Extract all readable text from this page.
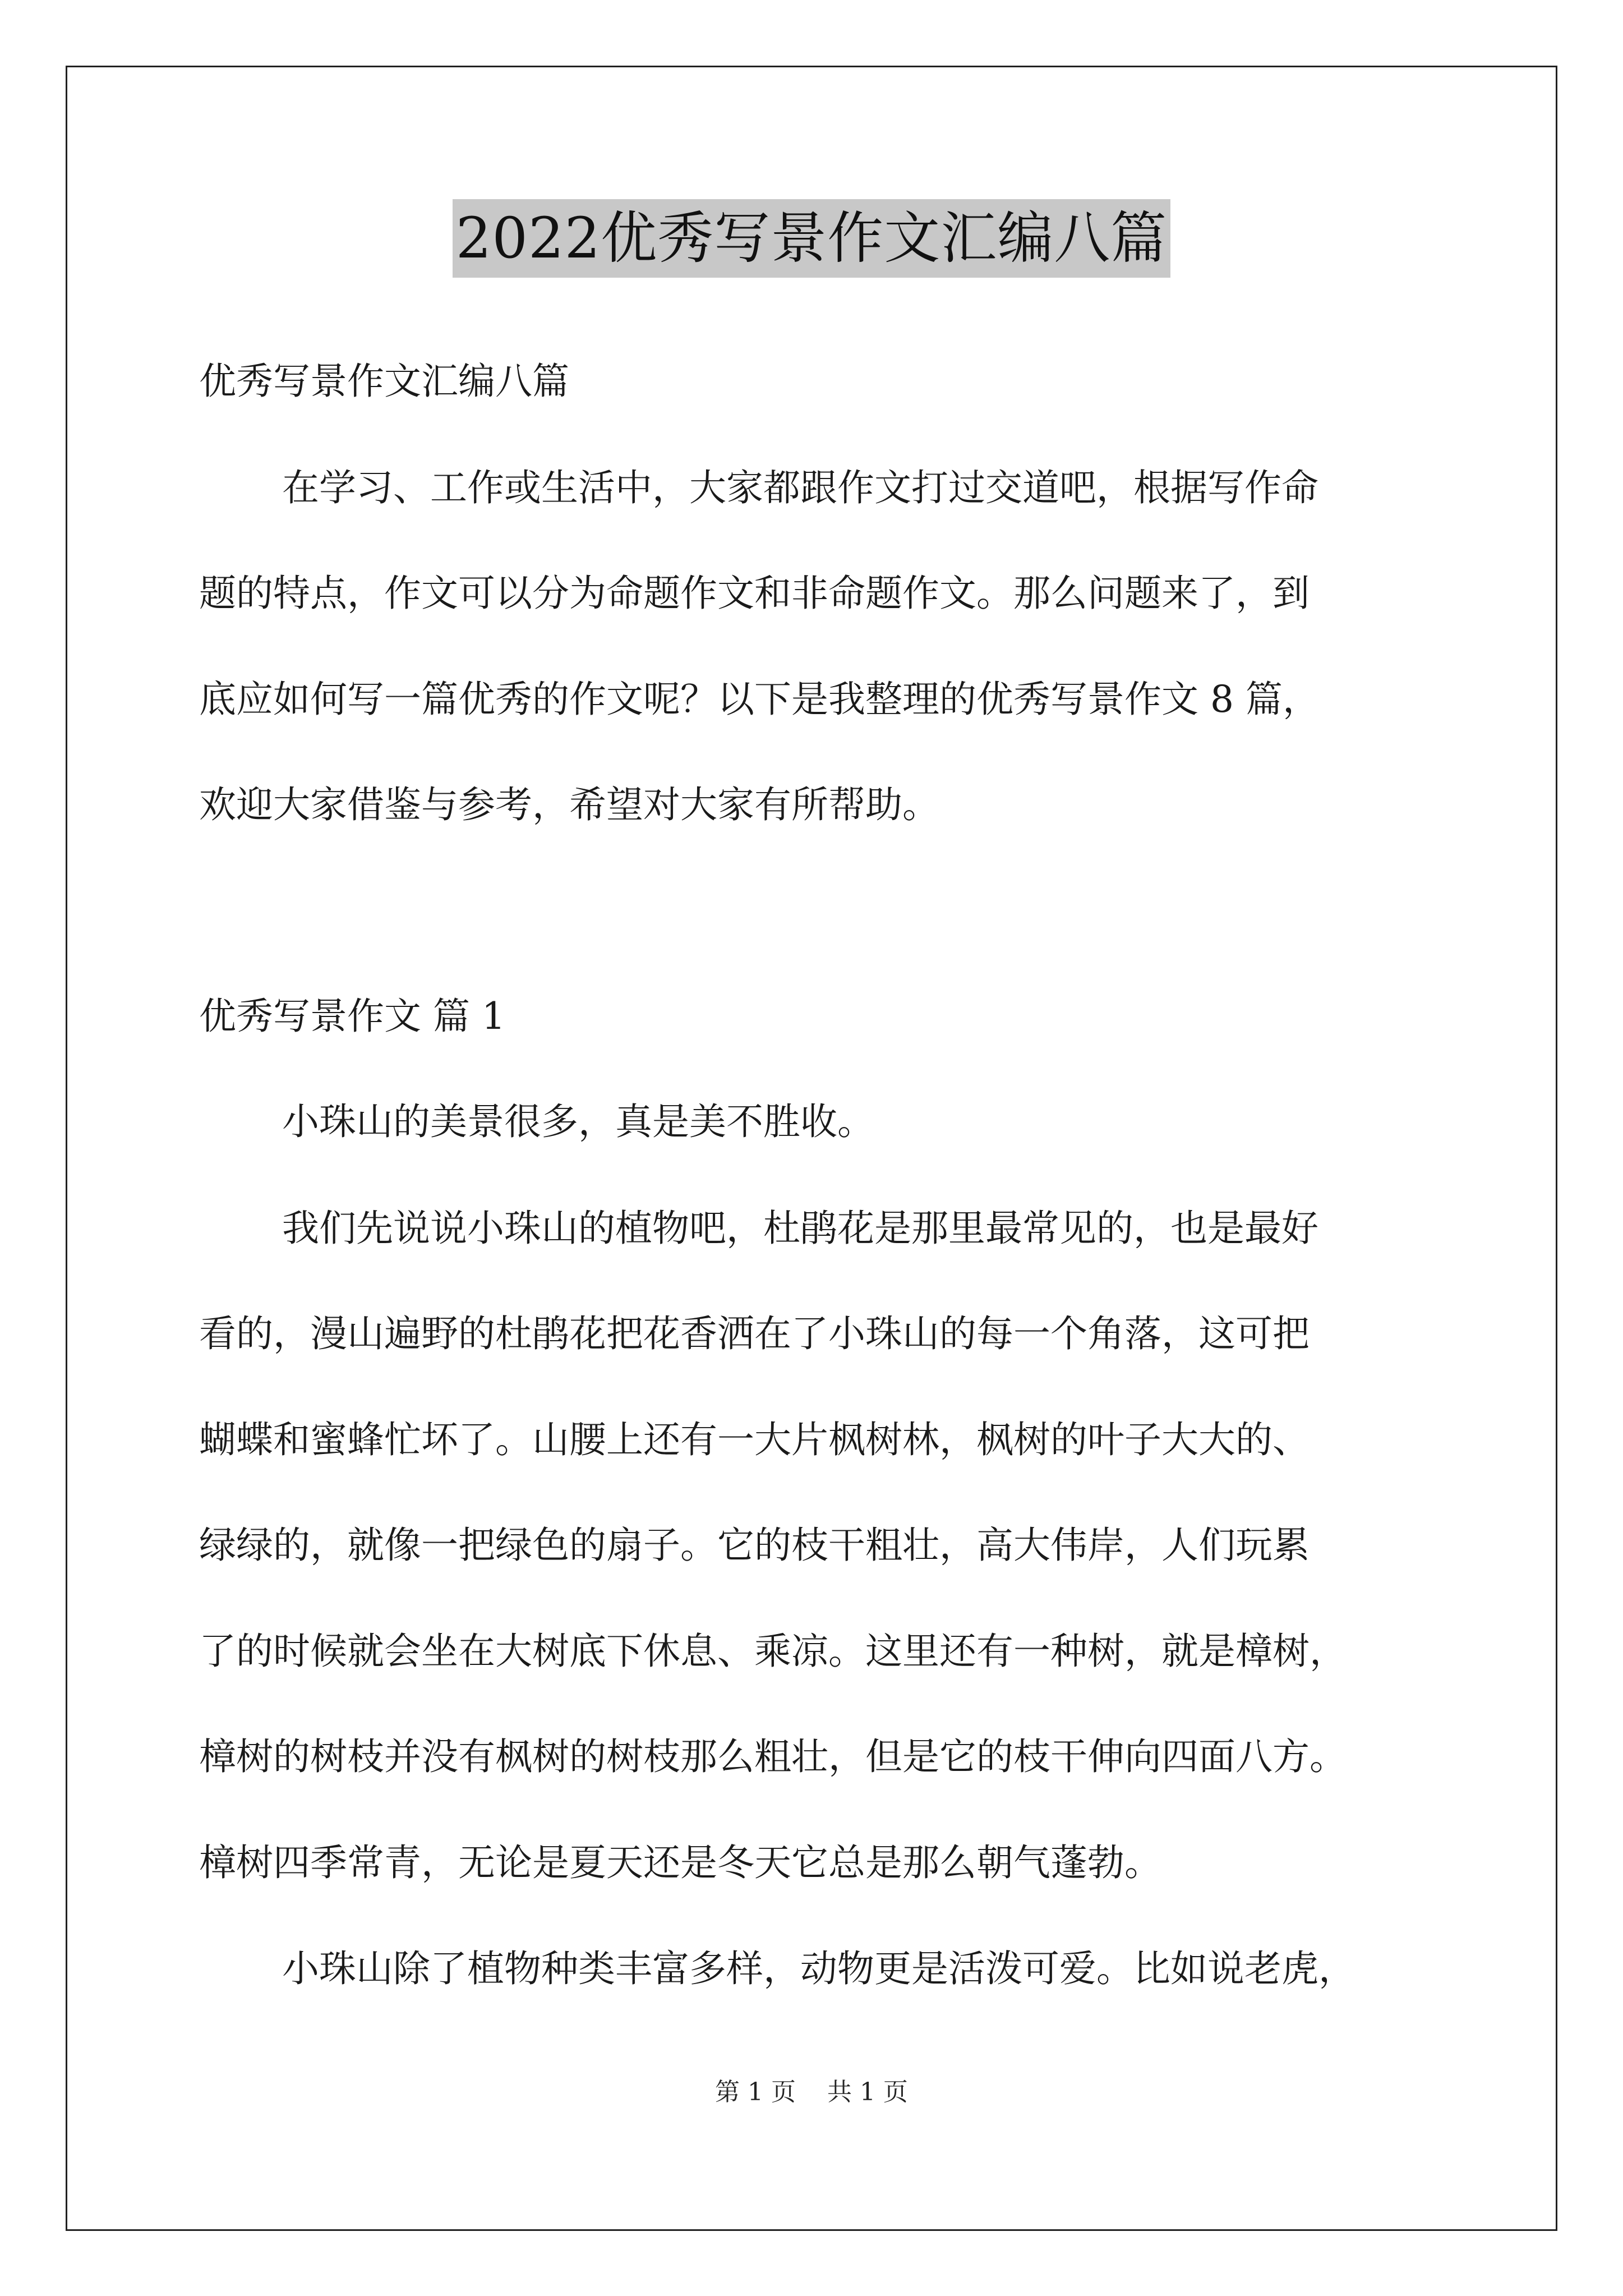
2022优秀写景作文汇编八篇
优秀写景作文汇编八篇
在学习、工作或生活中，大家都跟作文打过交道吧，根据写作命
题的特点，作文可以分为命题作文和非命题作文。那么问题来了，到
底应如何写一篇优秀的作文呢？以下是我整理的优秀写景作文 8 篇，
欢迎大家借鉴与参考，希望对大家有所帮助。
优秀写景作文 篇 1
小珠山的美景很多，真是美不胜收。
我们先说说小珠山的植物吧，杜鹃花是那里最常见的，也是最好
看的，漫山遍野的杜鹃花把花香洒在了小珠山的每一个角落，这可把
蝴蝶和蜜蜂忙坏了。山腰上还有一大片枫树林，枫树的叶子大大的、
绿绿的，就像一把绿色的扇子。它的枝干粗壮，高大伟岸，人们玩累
了的时候就会坐在大树底下休息、乘凉。这里还有一种树，就是樟树，
樟树的树枝并没有枫树的树枝那么粗壮，但是它的枝干伸向四面八方。
樟树四季常青，无论是夏天还是冬天它总是那么朝气蓬勃。
小珠山除了植物种类丰富多样，动物更是活泼可爱。比如说老虎，
第 1 页    共 1 页
